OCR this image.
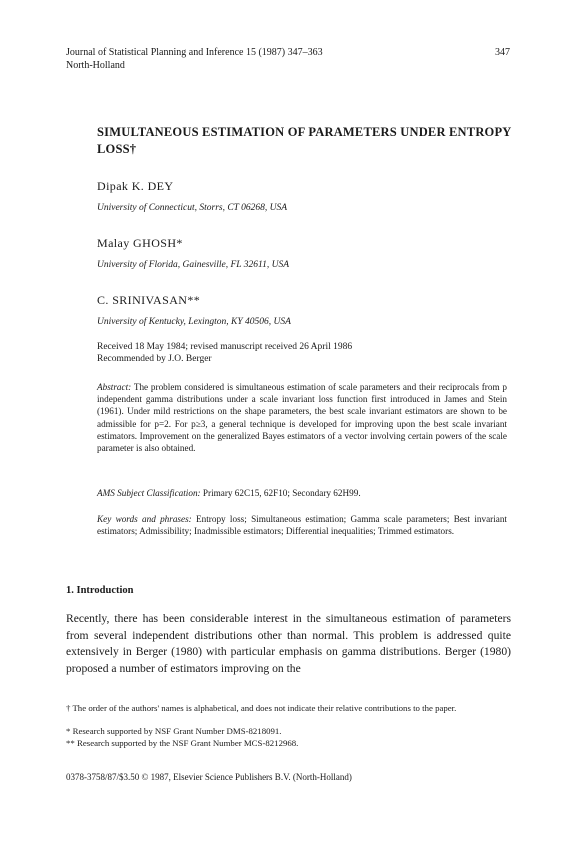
Journal of Statistical Planning and Inference 15 (1987) 347–363
North-Holland
347
SIMULTANEOUS ESTIMATION OF PARAMETERS UNDER ENTROPY LOSS†
Dipak K. DEY
University of Connecticut, Storrs, CT 06268, USA
Malay GHOSH*
University of Florida, Gainesville, FL 32611, USA
C. SRINIVASAN**
University of Kentucky, Lexington, KY 40506, USA
Received 18 May 1984; revised manuscript received 26 April 1986
Recommended by J.O. Berger
Abstract: The problem considered is simultaneous estimation of scale parameters and their reciprocals from p independent gamma distributions under a scale invariant loss function first introduced in James and Stein (1961). Under mild restrictions on the shape parameters, the best scale invariant estimators are shown to be admissible for p=2. For p≥3, a general technique is developed for improving upon the best scale invariant estimators. Improvement on the generalized Bayes estimators of a vector involving certain powers of the scale parameter is also obtained.
AMS Subject Classification: Primary 62C15, 62F10; Secondary 62H99.
Key words and phrases: Entropy loss; Simultaneous estimation; Gamma scale parameters; Best invariant estimators; Admissibility; Inadmissible estimators; Differential inequalities; Trimmed estimators.
1. Introduction
Recently, there has been considerable interest in the simultaneous estimation of parameters from several independent distributions other than normal. This problem is addressed quite extensively in Berger (1980) with particular emphasis on gamma distributions. Berger (1980) proposed a number of estimators improving on the
† The order of the authors' names is alphabetical, and does not indicate their relative contributions to the paper.
* Research supported by NSF Grant Number DMS-8218091.
** Research supported by the NSF Grant Number MCS-8212968.
0378-3758/87/$3.50 © 1987, Elsevier Science Publishers B.V. (North-Holland)
